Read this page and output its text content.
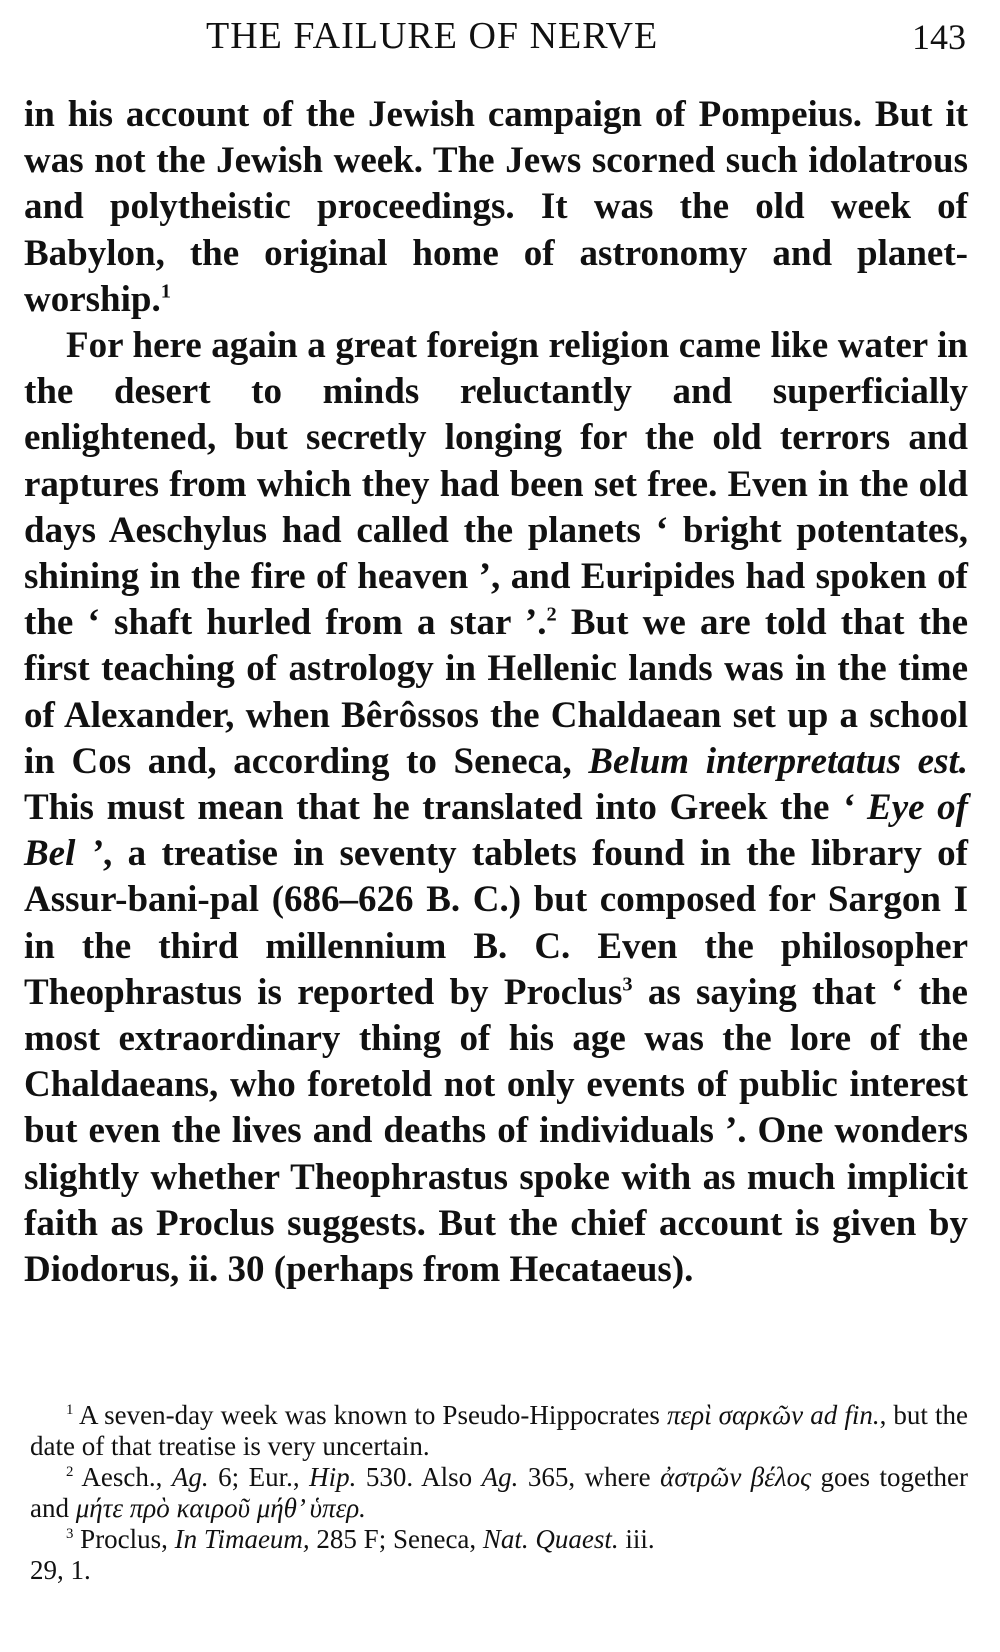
THE FAILURE OF NERVE	143

in his account of the Jewish campaign of Pompeius. But it was not the Jewish week. The Jews scorned such idolatrous and polytheistic proceedings. It was the old week of Babylon, the original home of astronomy and planet-worship.$^1$

For here again a great foreign religion came like water in the desert to minds reluctantly and superficially enlightened, but secretly longing for the old terrors and raptures from which they had been set free. Even in the old days Aeschylus had called the planets ‘ bright potentates, shining in the fire of heaven ’, and Euripides had spoken of the ‘ shaft hurled from a star ’.$^2$ But we are told that the first teaching of astrology in Hellenic lands was in the time of Alexander, when Bêrôssos the Chaldaean set up a school in Cos and, according to Seneca, Belum interpretatus est. This must mean that he translated into Greek the ‘ Eye of Bel ’, a treatise in seventy tablets found in the library of Assur-bani-pal (686–626 B. C.) but composed for Sargon I in the third millennium B. C. Even the philosopher Theophrastus is reported by Proclus$^3$ as saying that ‘ the most extraordinary thing of his age was the lore of the Chaldaeans, who foretold not only events of public interest but even the lives and deaths of individuals ’. One wonders slightly whether Theophrastus spoke with as much implicit faith as Proclus suggests. But the chief account is given by Diodorus, ii. 30 (perhaps from Hecataeus).

$^1$ A seven-day week was known to Pseudo-Hippocrates περὶ σαρκῶν ad fin., but the date of that treatise is very uncertain.

$^2$ Aesch., Ag. 6; Eur., Hip. 530. Also Ag. 365, where ἀστρῶν βέλος goes together and μήτε πρὸ καιροῦ μήθ’ ὑπερ.

$^3$ Proclus, In Timaeum, 285 F; Seneca, Nat. Quaest. iii.

29, 1.
